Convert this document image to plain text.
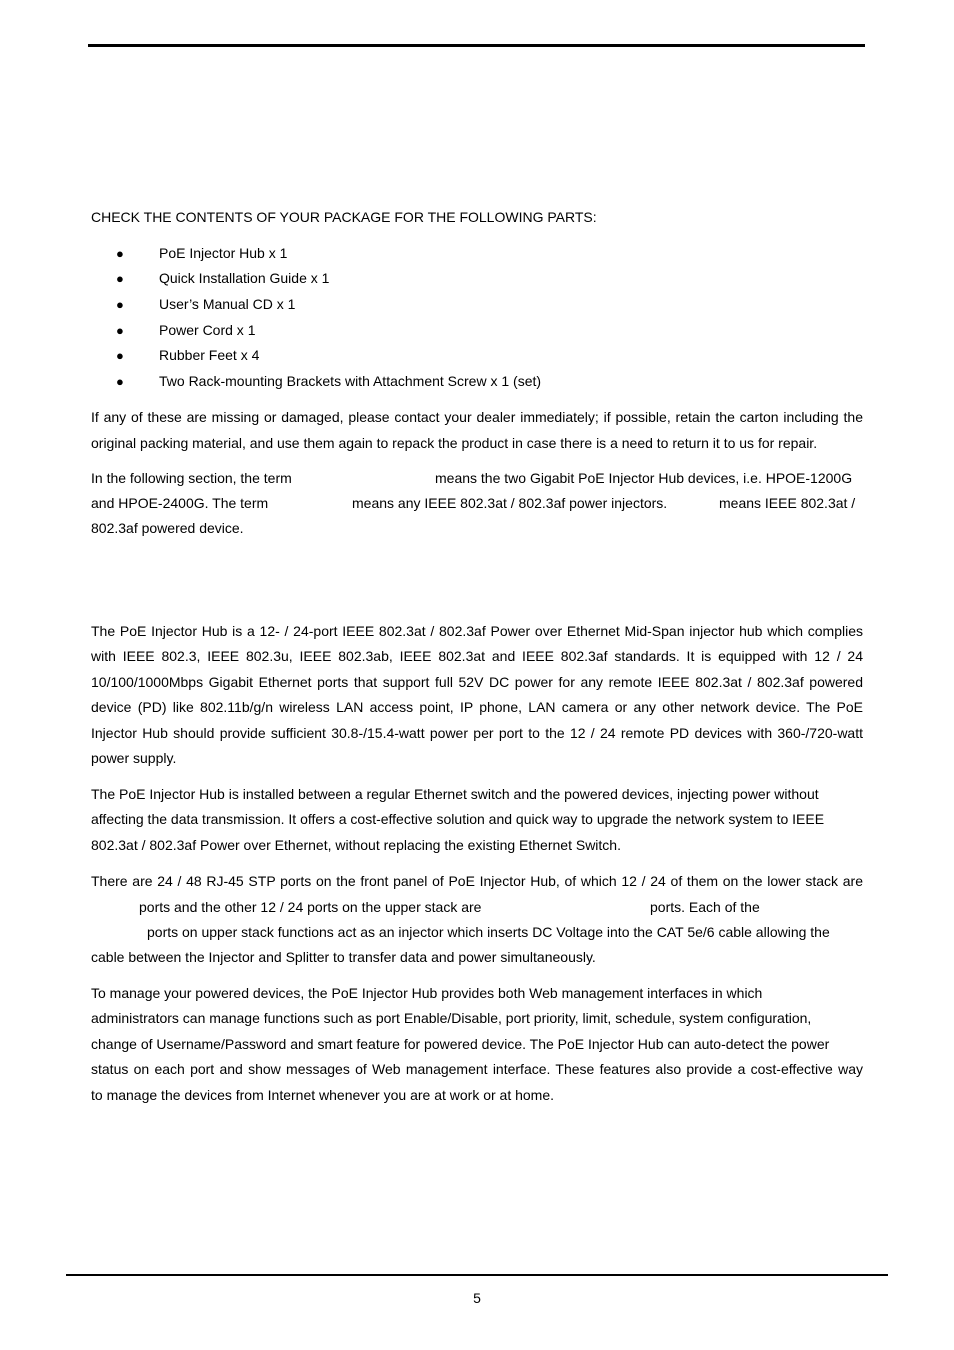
CHECK THE CONTENTS OF YOUR PACKAGE FOR THE FOLLOWING PARTS:
●	PoE Injector Hub x 1
●	Quick Installation Guide x 1
●	User’s Manual CD x 1
●	Power Cord x 1
●	Rubber Feet x 4
●	Two Rack-mounting Brackets with Attachment Screw x 1 (set)
If any of these are missing or damaged, please contact your dealer immediately; if possible, retain the carton including the
original packing material, and use them again to repack the product in case there is a need to return it to us for repair.
In the following section, the term	means the two Gigabit PoE Injector Hub devices, i.e. HPOE-1200G
and HPOE-2400G. The term	means any IEEE 802.3at / 802.3af power injectors.	means IEEE 802.3at /
802.3af powered device.
The PoE Injector Hub is a 12- / 24-port IEEE 802.3at / 802.3af Power over Ethernet Mid-Span injector hub which complies
with IEEE 802.3, IEEE 802.3u, IEEE 802.3ab, IEEE 802.3at and IEEE 802.3af standards. It is equipped with 12 / 24
10/100/1000Mbps Gigabit Ethernet ports that support full 52V DC power for any remote IEEE 802.3at / 802.3af powered
device (PD) like 802.11b/g/n wireless LAN access point, IP phone, LAN camera or any other network device. The PoE
Injector Hub should provide sufficient 30.8-/15.4-watt power per port to the 12 / 24 remote PD devices with 360-/720-watt
power supply.
The PoE Injector Hub is installed between a regular Ethernet switch and the powered devices, injecting power without
affecting the data transmission. It offers a cost-effective solution and quick way to upgrade the network system to IEEE
802.3at / 802.3af Power over Ethernet, without replacing the existing Ethernet Switch.
There are 24 / 48 RJ-45 STP ports on the front panel of PoE Injector Hub, of which 12 / 24 of them on the lower stack are
ports and the other 12 / 24 ports on the upper stack are	ports. Each of the
ports on upper stack functions act as an injector which inserts DC Voltage into the CAT 5e/6 cable allowing the
cable between the Injector and Splitter to transfer data and power simultaneously.
To manage your powered devices, the PoE Injector Hub provides both Web management interfaces in which
administrators can manage functions such as port Enable/Disable, port priority, limit, schedule, system configuration,
change of Username/Password and smart feature for powered device. The PoE Injector Hub can auto-detect the power
status on each port and show messages of Web management interface. These features also provide a cost-effective way
to manage the devices from Internet whenever you are at work or at home.
5
